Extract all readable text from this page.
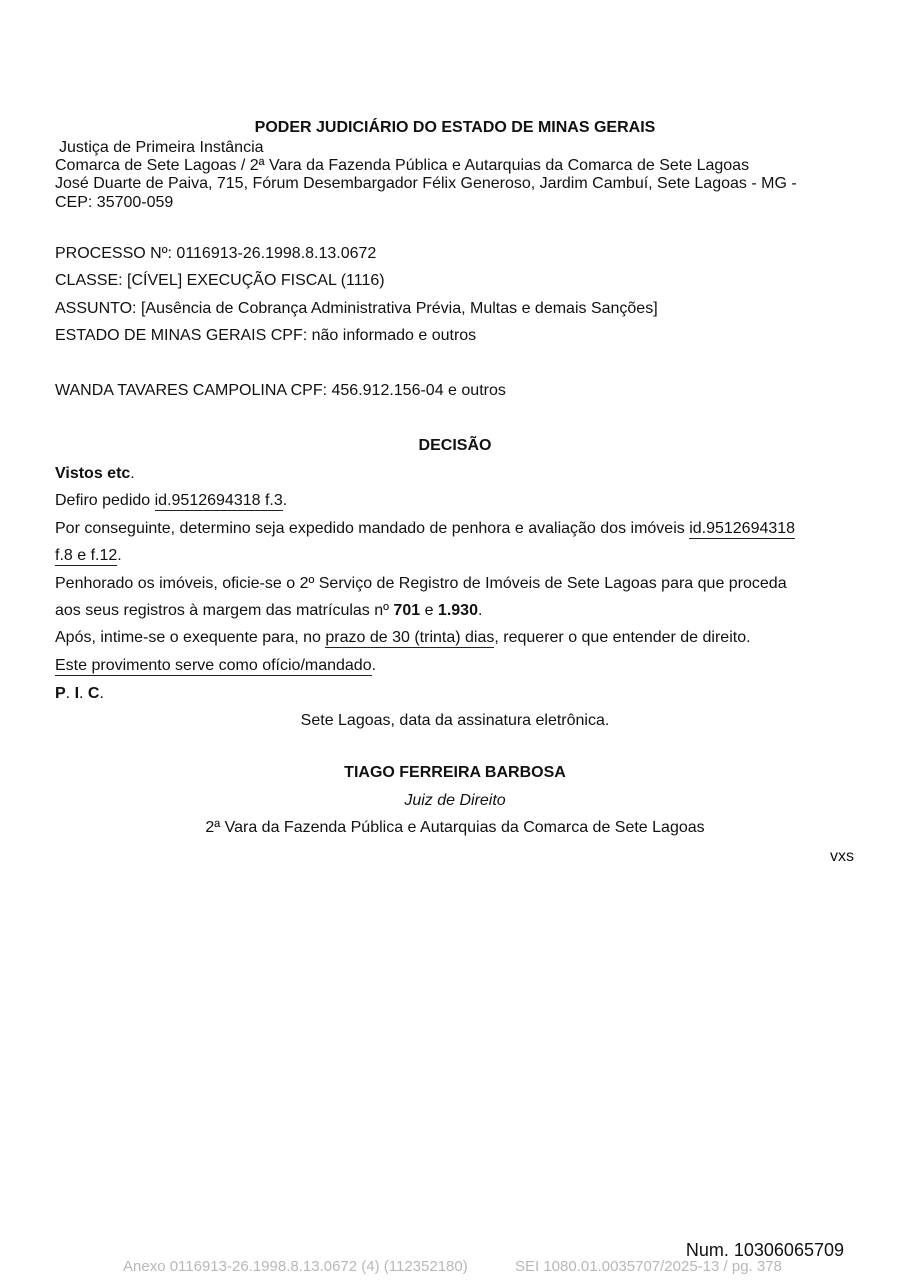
PODER JUDICIÁRIO DO ESTADO DE MINAS GERAIS
Justiça de Primeira Instância
Comarca de Sete Lagoas / 2ª Vara da Fazenda Pública e Autarquias da Comarca de Sete Lagoas
José Duarte de Paiva, 715, Fórum Desembargador Félix Generoso, Jardim Cambuí, Sete Lagoas - MG -
CEP: 35700-059
PROCESSO Nº: 0116913-26.1998.8.13.0672
CLASSE: [CÍVEL] EXECUÇÃO FISCAL (1116)
ASSUNTO: [Ausência de Cobrança Administrativa Prévia, Multas e demais Sanções]
ESTADO DE MINAS GERAIS CPF: não informado e outros
WANDA TAVARES CAMPOLINA CPF: 456.912.156-04 e outros
DECISÃO
Vistos etc.
Defiro pedido id.9512694318 f.3.
Por conseguinte, determino seja expedido mandado de penhora e avaliação dos imóveis id.9512694318
f.8 e f.12.
Penhorado os imóveis, oficie-se o 2º Serviço de Registro de Imóveis de Sete Lagoas para que proceda
aos seus registros à margem das matrículas nº 701 e 1.930.
Após, intime-se o exequente para, no prazo de 30 (trinta) dias, requerer o que entender de direito.
Este provimento serve como ofício/mandado.
P. I. C.
Sete Lagoas, data da assinatura eletrônica.
TIAGO FERREIRA BARBOSA
Juiz de Direito
2ª Vara da Fazenda Pública e Autarquias da Comarca de Sete Lagoas
vxs
Num. 10306065709
Anexo 0116913-26.1998.8.13.0672 (4) (112352180)	SEI 1080.01.0035707/2025-13 / pg. 378
